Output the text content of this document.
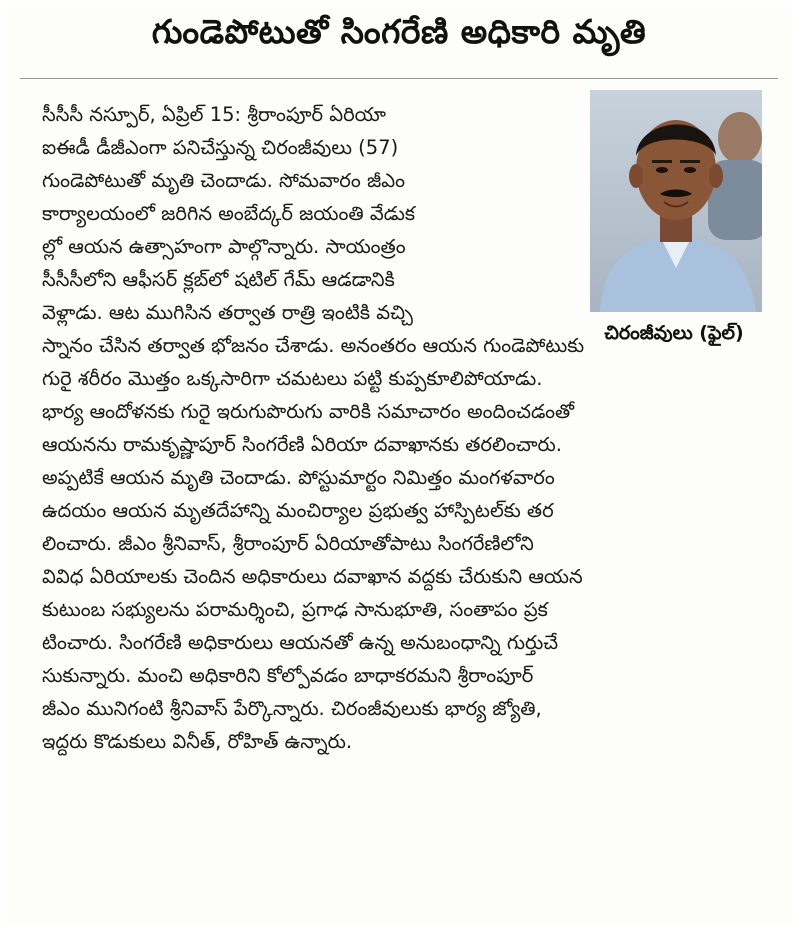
గుండెపోటుతో సింగరేణి అధికారి మృతి
చిరంజీవులు (ఫైల్)
సీసీసీ నస్పూర్, ఏప్రిల్ 15: శ్రీరాంపూర్ ఏరియా
ఐఈడీ డీజీఎంగా పనిచేస్తున్న చిరంజీవులు (57)
గుండెపోటుతో మృతి చెందాడు. సోమవారం జీఎం
కార్యాలయంలో జరిగిన అంబేద్కర్ జయంతి వేడుక
ల్లో ఆయన ఉత్సాహంగా పాల్గొన్నారు. సాయంత్రం
సీసీసీలోని ఆఫీసర్ క్లబ్‌లో షటిల్ గేమ్ ఆడడానికి
వెళ్లాడు. ఆట ముగిసిన తర్వాత రాత్రి ఇంటికి వచ్చి
స్నానం చేసిన తర్వాత భోజనం చేశాడు. అనంతరం ఆయన గుండెపోటుకు
గురై శరీరం మొత్తం ఒక్కసారిగా చమటలు పట్టి కుప్పకూలిపోయాడు.
భార్య ఆందోళనకు గురై ఇరుగుపొరుగు వారికి సమాచారం అందించడంతో
ఆయనను రామకృష్ణాపూర్ సింగరేణి ఏరియా దవాఖానకు తరలించారు.
అప్పటికే ఆయన మృతి చెందాడు. పోస్టుమార్టం నిమిత్తం మంగళవారం
ఉదయం ఆయన మృతదేహాన్ని మంచిర్యాల ప్రభుత్వ హాస్పిటల్‌కు తర
లించారు. జీఎం శ్రీనివాస్, శ్రీరాంపూర్ ఏరియాతోపాటు సింగరేణిలోని
వివిధ ఏరియాలకు చెందిన అధికారులు దవాఖాన వద్దకు చేరుకుని ఆయన
కుటుంబ సభ్యులను పరామర్శించి, ప్రగాఢ సానుభూతి, సంతాపం ప్రక
టించారు. సింగరేణి అధికారులు ఆయనతో ఉన్న అనుబంధాన్ని గుర్తుచే
సుకున్నారు. మంచి అధికారిని కోల్పోవడం బాధాకరమని శ్రీరాంపూర్
జీఎం మునిగంటి శ్రీనివాస్ పేర్కొన్నారు. చిరంజీవులుకు భార్య జ్యోతి,
ఇద్దరు కొడుకులు వినీత్, రోహిత్ ఉన్నారు.
